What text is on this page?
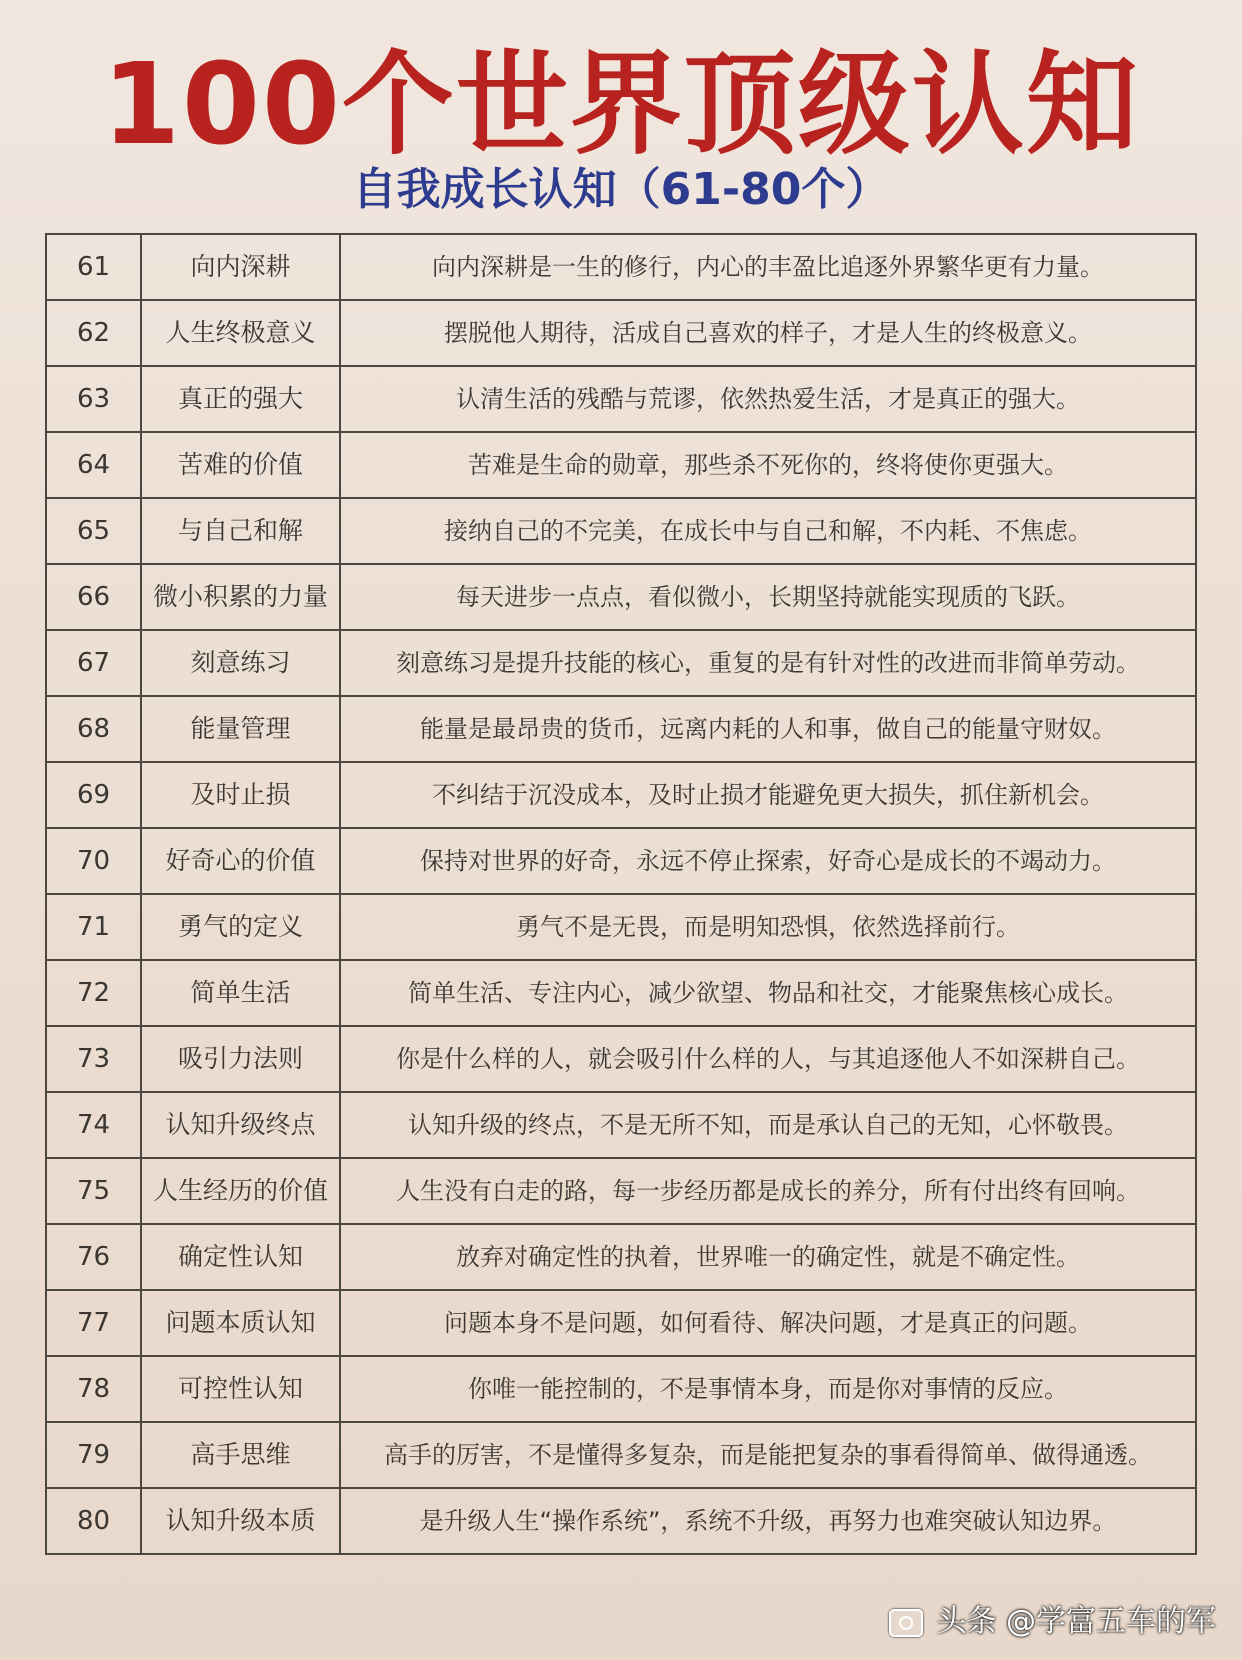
100个世界顶级认知
自我成长认知（61-80个）
61	向内深耕	向内深耕是一生的修行，内心的丰盈比追逐外界繁华更有力量。
62	人生终极意义	摆脱他人期待，活成自己喜欢的样子，才是人生的终极意义。
63	真正的强大	认清生活的残酷与荒谬，依然热爱生活，才是真正的强大。
64	苦难的价值	苦难是生命的勋章，那些杀不死你的，终将使你更强大。
65	与自己和解	接纳自己的不完美，在成长中与自己和解，不内耗、不焦虑。
66	微小积累的力量	每天进步一点点，看似微小，长期坚持就能实现质的飞跃。
67	刻意练习	刻意练习是提升技能的核心，重复的是有针对性的改进而非简单劳动。
68	能量管理	能量是最昂贵的货币，远离内耗的人和事，做自己的能量守财奴。
69	及时止损	不纠结于沉没成本，及时止损才能避免更大损失，抓住新机会。
70	好奇心的价值	保持对世界的好奇，永远不停止探索，好奇心是成长的不竭动力。
71	勇气的定义	勇气不是无畏，而是明知恐惧，依然选择前行。
72	简单生活	简单生活、专注内心，减少欲望、物品和社交，才能聚焦核心成长。
73	吸引力法则	你是什么样的人，就会吸引什么样的人，与其追逐他人不如深耕自己。
74	认知升级终点	认知升级的终点，不是无所不知，而是承认自己的无知，心怀敬畏。
75	人生经历的价值	人生没有白走的路，每一步经历都是成长的养分，所有付出终有回响。
76	确定性认知	放弃对确定性的执着，世界唯一的确定性，就是不确定性。
77	问题本质认知	问题本身不是问题，如何看待、解决问题，才是真正的问题。
78	可控性认知	你唯一能控制的，不是事情本身，而是你对事情的反应。
79	高手思维	高手的厉害，不是懂得多复杂，而是能把复杂的事看得简单、做得通透。
80	认知升级本质	是升级人生“操作系统”，系统不升级，再努力也难突破认知边界。
头条 @学富五车的军
